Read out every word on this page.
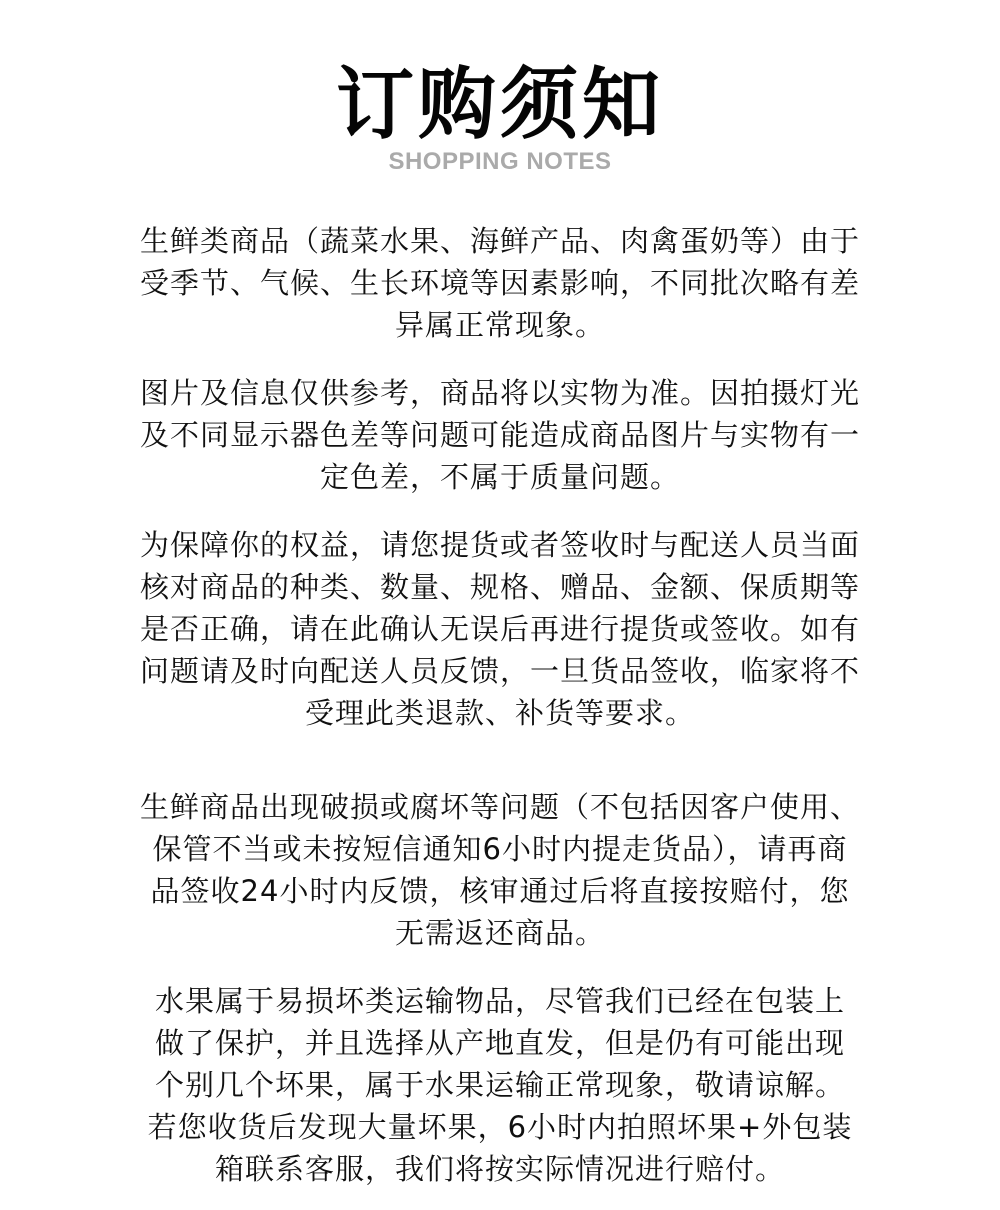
订购须知
SHOPPING NOTES

生鲜类商品（蔬菜水果、海鲜产品、肉禽蛋奶等）由于
受季节、气候、生长环境等因素影响，不同批次略有差
异属正常现象。

图片及信息仅供参考，商品将以实物为准。因拍摄灯光
及不同显示器色差等问题可能造成商品图片与实物有一
定色差，不属于质量问题。

为保障你的权益，请您提货或者签收时与配送人员当面
核对商品的种类、数量、规格、赠品、金额、保质期等
是否正确，请在此确认无误后再进行提货或签收。如有
问题请及时向配送人员反馈，一旦货品签收，临家将不
受理此类退款、补货等要求。

生鲜商品出现破损或腐坏等问题（不包括因客户使用、
保管不当或未按短信通知6小时内提走货品），请再商
品签收24小时内反馈，核审通过后将直接按赔付，您
无需返还商品。

水果属于易损坏类运输物品，尽管我们已经在包装上
做了保护，并且选择从产地直发，但是仍有可能出现
个别几个坏果，属于水果运输正常现象，敬请谅解。
若您收货后发现大量坏果，6小时内拍照坏果+外包装
箱联系客服，我们将按实际情况进行赔付。
